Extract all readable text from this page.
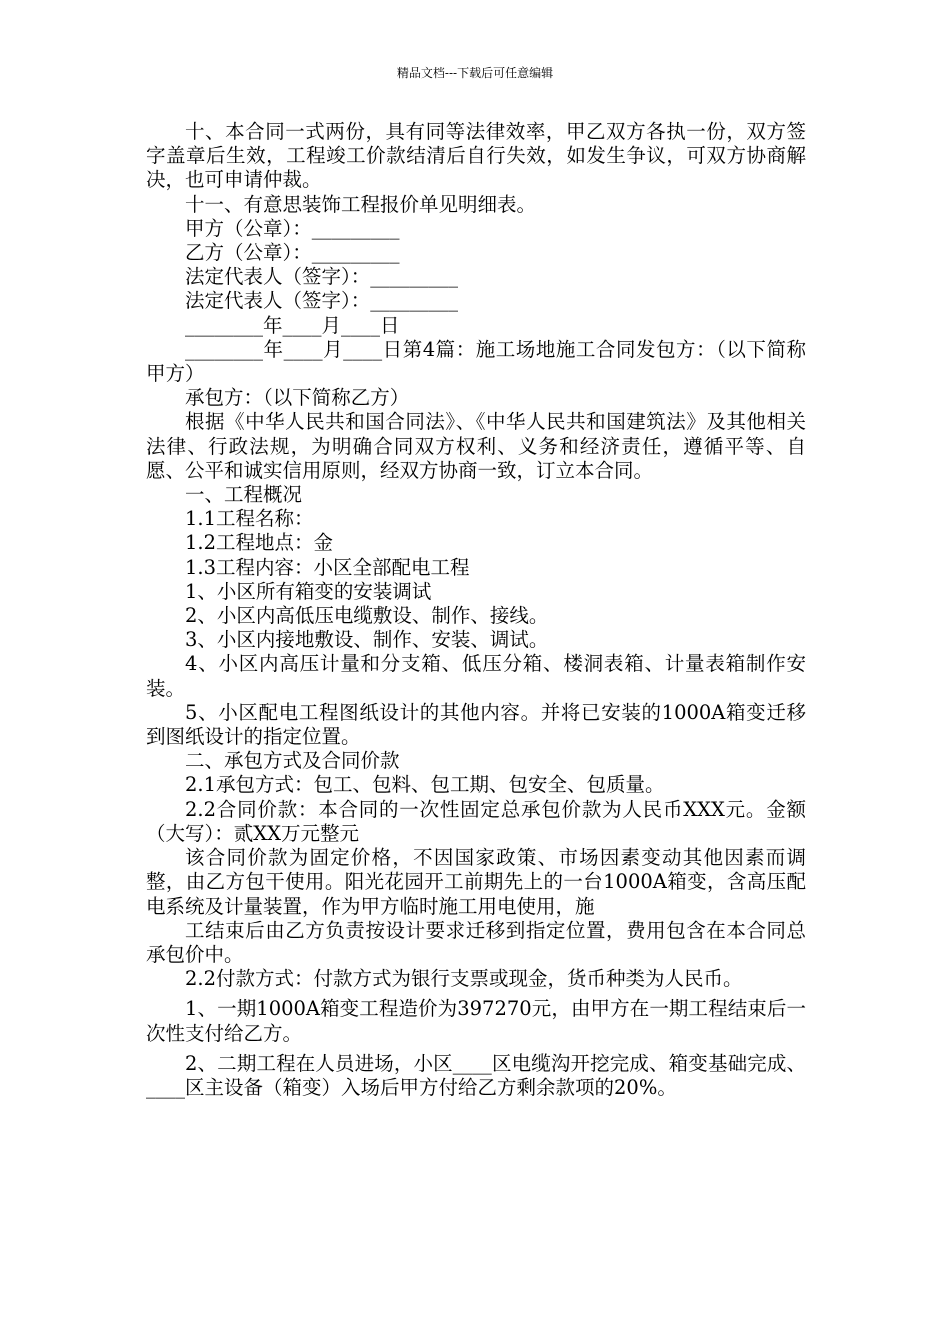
精品文档---下载后可任意编辑

十、本合同一式两份，具有同等法律效率，甲乙双方各执一份，双方签字盖章后生效，工程竣工价款结清后自行失效，如发生争议，可双方协商解决，也可申请仲裁。

十一、有意思装饰工程报价单见明细表。

甲方（公章）：_________

乙方（公章）：_________

法定代表人（签字）：_________

法定代表人（签字）：_________

________年____月____日

________年____月____日第4篇：施工场地施工合同发包方：（以下简称甲方）

承包方：（以下简称乙方）

根据《中华人民共和国合同法》、《中华人民共和国建筑法》及其他相关法律、行政法规，为明确合同双方权利、义务和经济责任，遵循平等、自愿、公平和诚实信用原则，经双方协商一致，订立本合同。

一、工程概况

1.1工程名称：

1.2工程地点：金

1.3工程内容：小区全部配电工程

1、小区所有箱变的安装调试

2、小区内高低压电缆敷设、制作、接线。

3、小区内接地敷设、制作、安装、调试。

4、小区内高压计量和分支箱、低压分箱、楼洞表箱、计量表箱制作安装。

5、小区配电工程图纸设计的其他内容。并将已安装的1000A箱变迁移到图纸设计的指定位置。

二、承包方式及合同价款

2.1承包方式：包工、包料、包工期、包安全、包质量。

2.2合同价款：本合同的一次性固定总承包价款为人民币XXX元。金额（大写）：贰XX万元整元

该合同价款为固定价格，不因国家政策、市场因素变动其他因素而调整，由乙方包干使用。阳光花园开工前期先上的一台1000A箱变，含高压配电系统及计量装置，作为甲方临时施工用电使用，施

工结束后由乙方负责按设计要求迁移到指定位置，费用包含在本合同总承包价中。

2.2付款方式：付款方式为银行支票或现金，货币种类为人民币。

1、一期1000A箱变工程造价为397270元，由甲方在一期工程结束后一次性支付给乙方。

2、二期工程在人员进场，小区____区电缆沟开挖完成、箱变基础完成、____区主设备（箱变）入场后甲方付给乙方剩余款项的20%。
